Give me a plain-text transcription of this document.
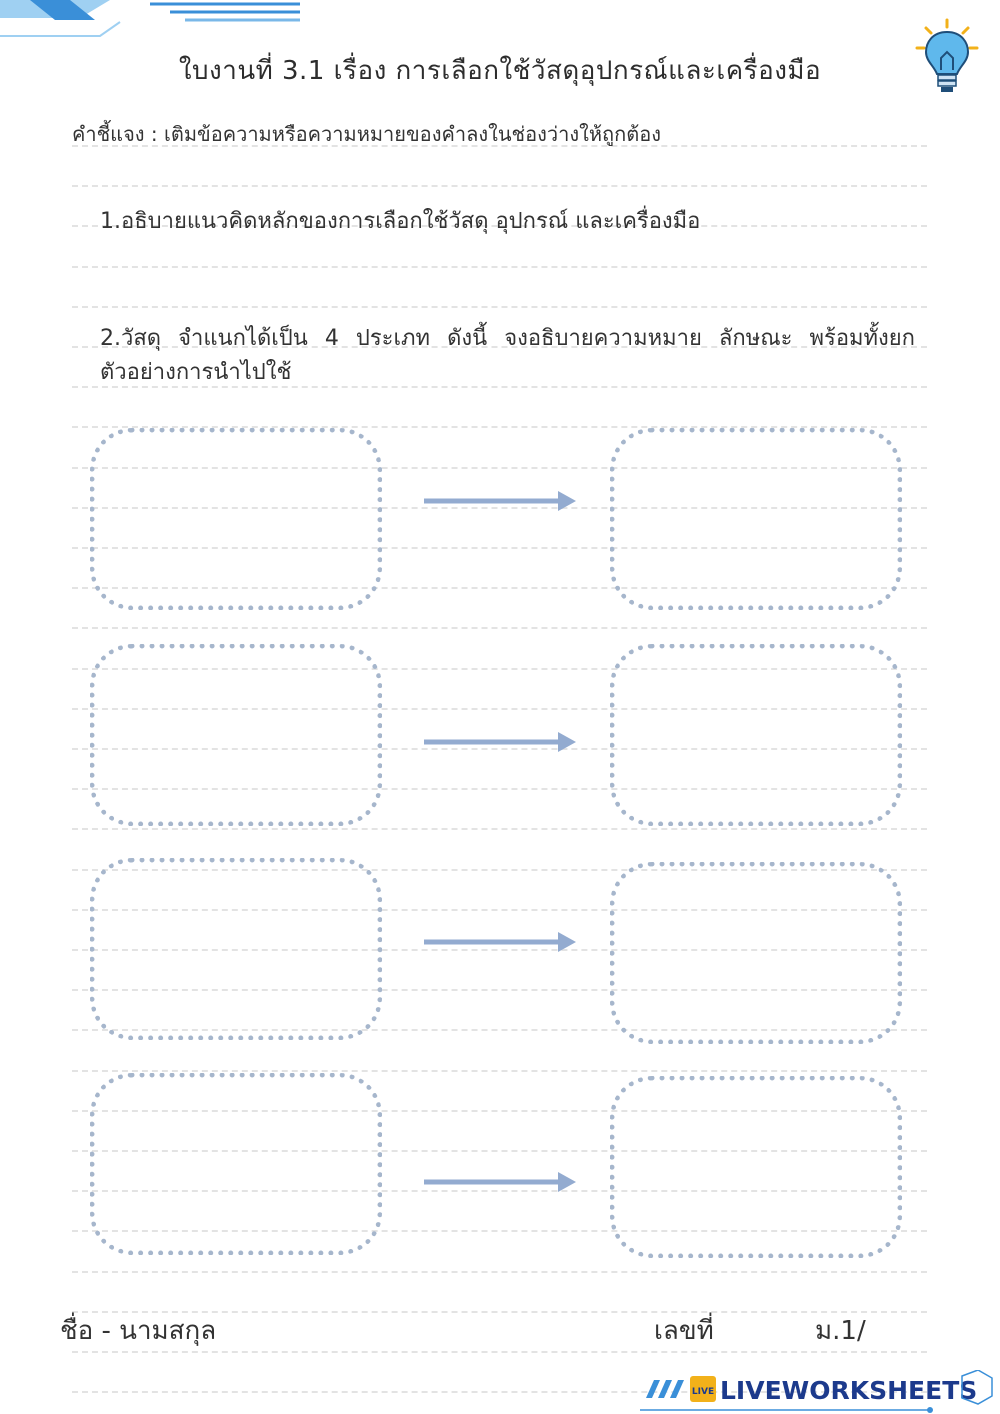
ใบงานที่ 3.1 เรื่อง การเลือกใช้วัสดุอุปกรณ์และเครื่องมือ
คำชี้แจง : เติมข้อความหรือความหมายของคำลงในช่องว่างให้ถูกต้อง
1.อธิบายแนวคิดหลักของการเลือกใช้วัสดุ อุปกรณ์ และเครื่องมือ
2.วัสดุ จำแนกได้เป็น 4 ประเภท ดังนี้ จงอธิบายความหมาย ลักษณะ พร้อมทั้งยกตัวอย่างการนำไปใช้
ชื่อ - นามสกุล	เลขที่	ม.1/
LIVE LIVEWORKSHEETS
